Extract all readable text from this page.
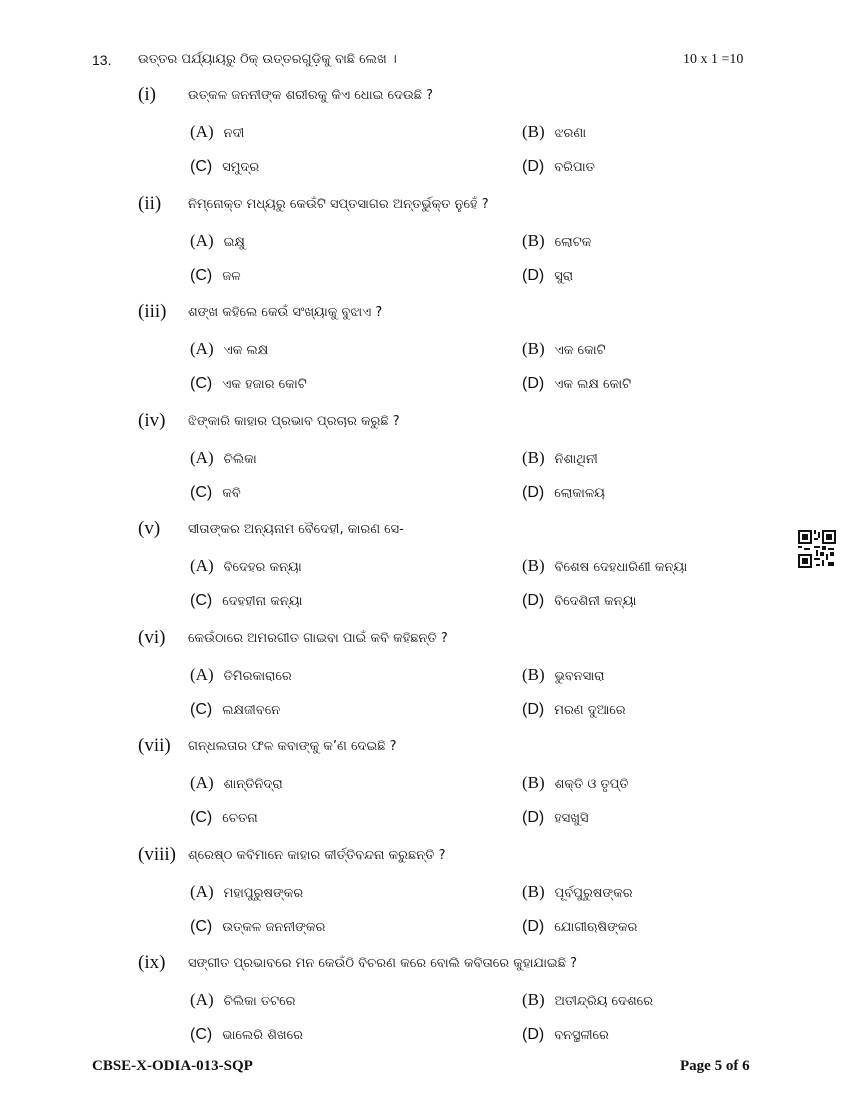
13. ଉତ୍ତର ପର୍ଯ୍ୟାୟରୁ ଠିକ୍ ଉତ୍ତରଗୁଡ଼ିକୁ ବାଛି ଲେଖ ।	10 x 1 =10
(i) ଉତ୍କଳ ଜନନୀଙ୍କ ଶରୀରକୁ କିଏ ଧୋଇ ଦେଉଛି ?
(A) ନଦୀ	(B) ଝରଣା
(C) ସମୁଦ୍ର	(D) ବରିପାତ
(ii) ନିମ୍ନୋକ୍ତ ମଧ୍ୟରୁ କେଉଁଟି ସପ୍ତସାଗର ଅନ୍ତର୍ଭୁକ୍ତ ନୁହେଁ ?
(A) ଇକ୍ଷୁ	(B) ଲୋଟକ
(C) ଜଳ	(D) ସୁରା
(iii) ଶଙ୍ଖ କହିଲେ କେଉଁ ସଂଖ୍ୟାକୁ ବୁଝାଏ ?
(A) ଏକ ଲକ୍ଷ	(B) ଏକ କୋଟି
(C) ଏକ ହଜାର କୋଟି	(D) ଏକ ଲକ୍ଷ କୋଟି
(iv) ଝିଙ୍କାରି କାହାର ପ୍ରଭାବ ପ୍ରଚାର କରୁଛି ?
(A) ଚିଲିକା	(B) ନିଶାଥିନୀ
(C) କବି	(D) ଲୋକାଳୟ
(v) ସୀତାଙ୍କର ଅନ୍ୟନାମ ବୈଦେହୀ, କାରଣ ସେ-
(A) ବିଦେହର କନ୍ୟା	(B) ବିଶେଷ ଦେହଧାରିଣୀ କନ୍ୟା
(C) ଦେହହୀନା କନ୍ୟା	(D) ବିଦେଶିନୀ କନ୍ୟା
(vi) କେଉଁଠାରେ ଅମରଗୀତ ଗାଇବା ପାଇଁ କବି କହିଛନ୍ତି ?
(A) ତିମିରକାରାରେ	(B) ଭୁବନସାରା
(C) ଲକ୍ଷଜୀବନେ	(D) ମରଣ ଦୁଆରେ
(vii) ଗନ୍ଧଲତାର ଫଳ କବାଙ୍କୁ କ’ଣ ଦେଇଛି ?
(A) ଶାନ୍ତିନିଦ୍ରା	(B) ଶକ୍ତି ଓ ତୃପ୍ତି
(C) ଚେତନା	(D) ହସଖୁସି
(viii) ଶ୍ରେଷ୍ଠ କବିମାନେ କାହାର କୀର୍ତ୍ତିବନ୍ଦନା କରୁଛନ୍ତି ?
(A) ମହାପୁରୁଷଙ୍କର	(B) ପୂର୍ବପୁରୁଷଙ୍କର
(C) ଉତ୍କଳ ଜନନୀଙ୍କର	(D) ଯୋଗୀଋଷିଙ୍କର
(ix) ସଙ୍ଗୀତ ପ୍ରଭାବରେ ମନ କେଉଁଠି ବିଚରଣ କରେ ବୋଲି କବିତାରେ କୁହାଯାଇଛି ?
(A) ଚିଲିକା ତଟରେ	(B) ଅତୀନ୍ଦ୍ରିୟ ଦେଶରେ
(C) ଭାଲେରି ଶିଖରେ	(D) ବନସ୍ଥଳୀରେ
CBSE-X-ODIA-013-SQP	Page 5 of 6
